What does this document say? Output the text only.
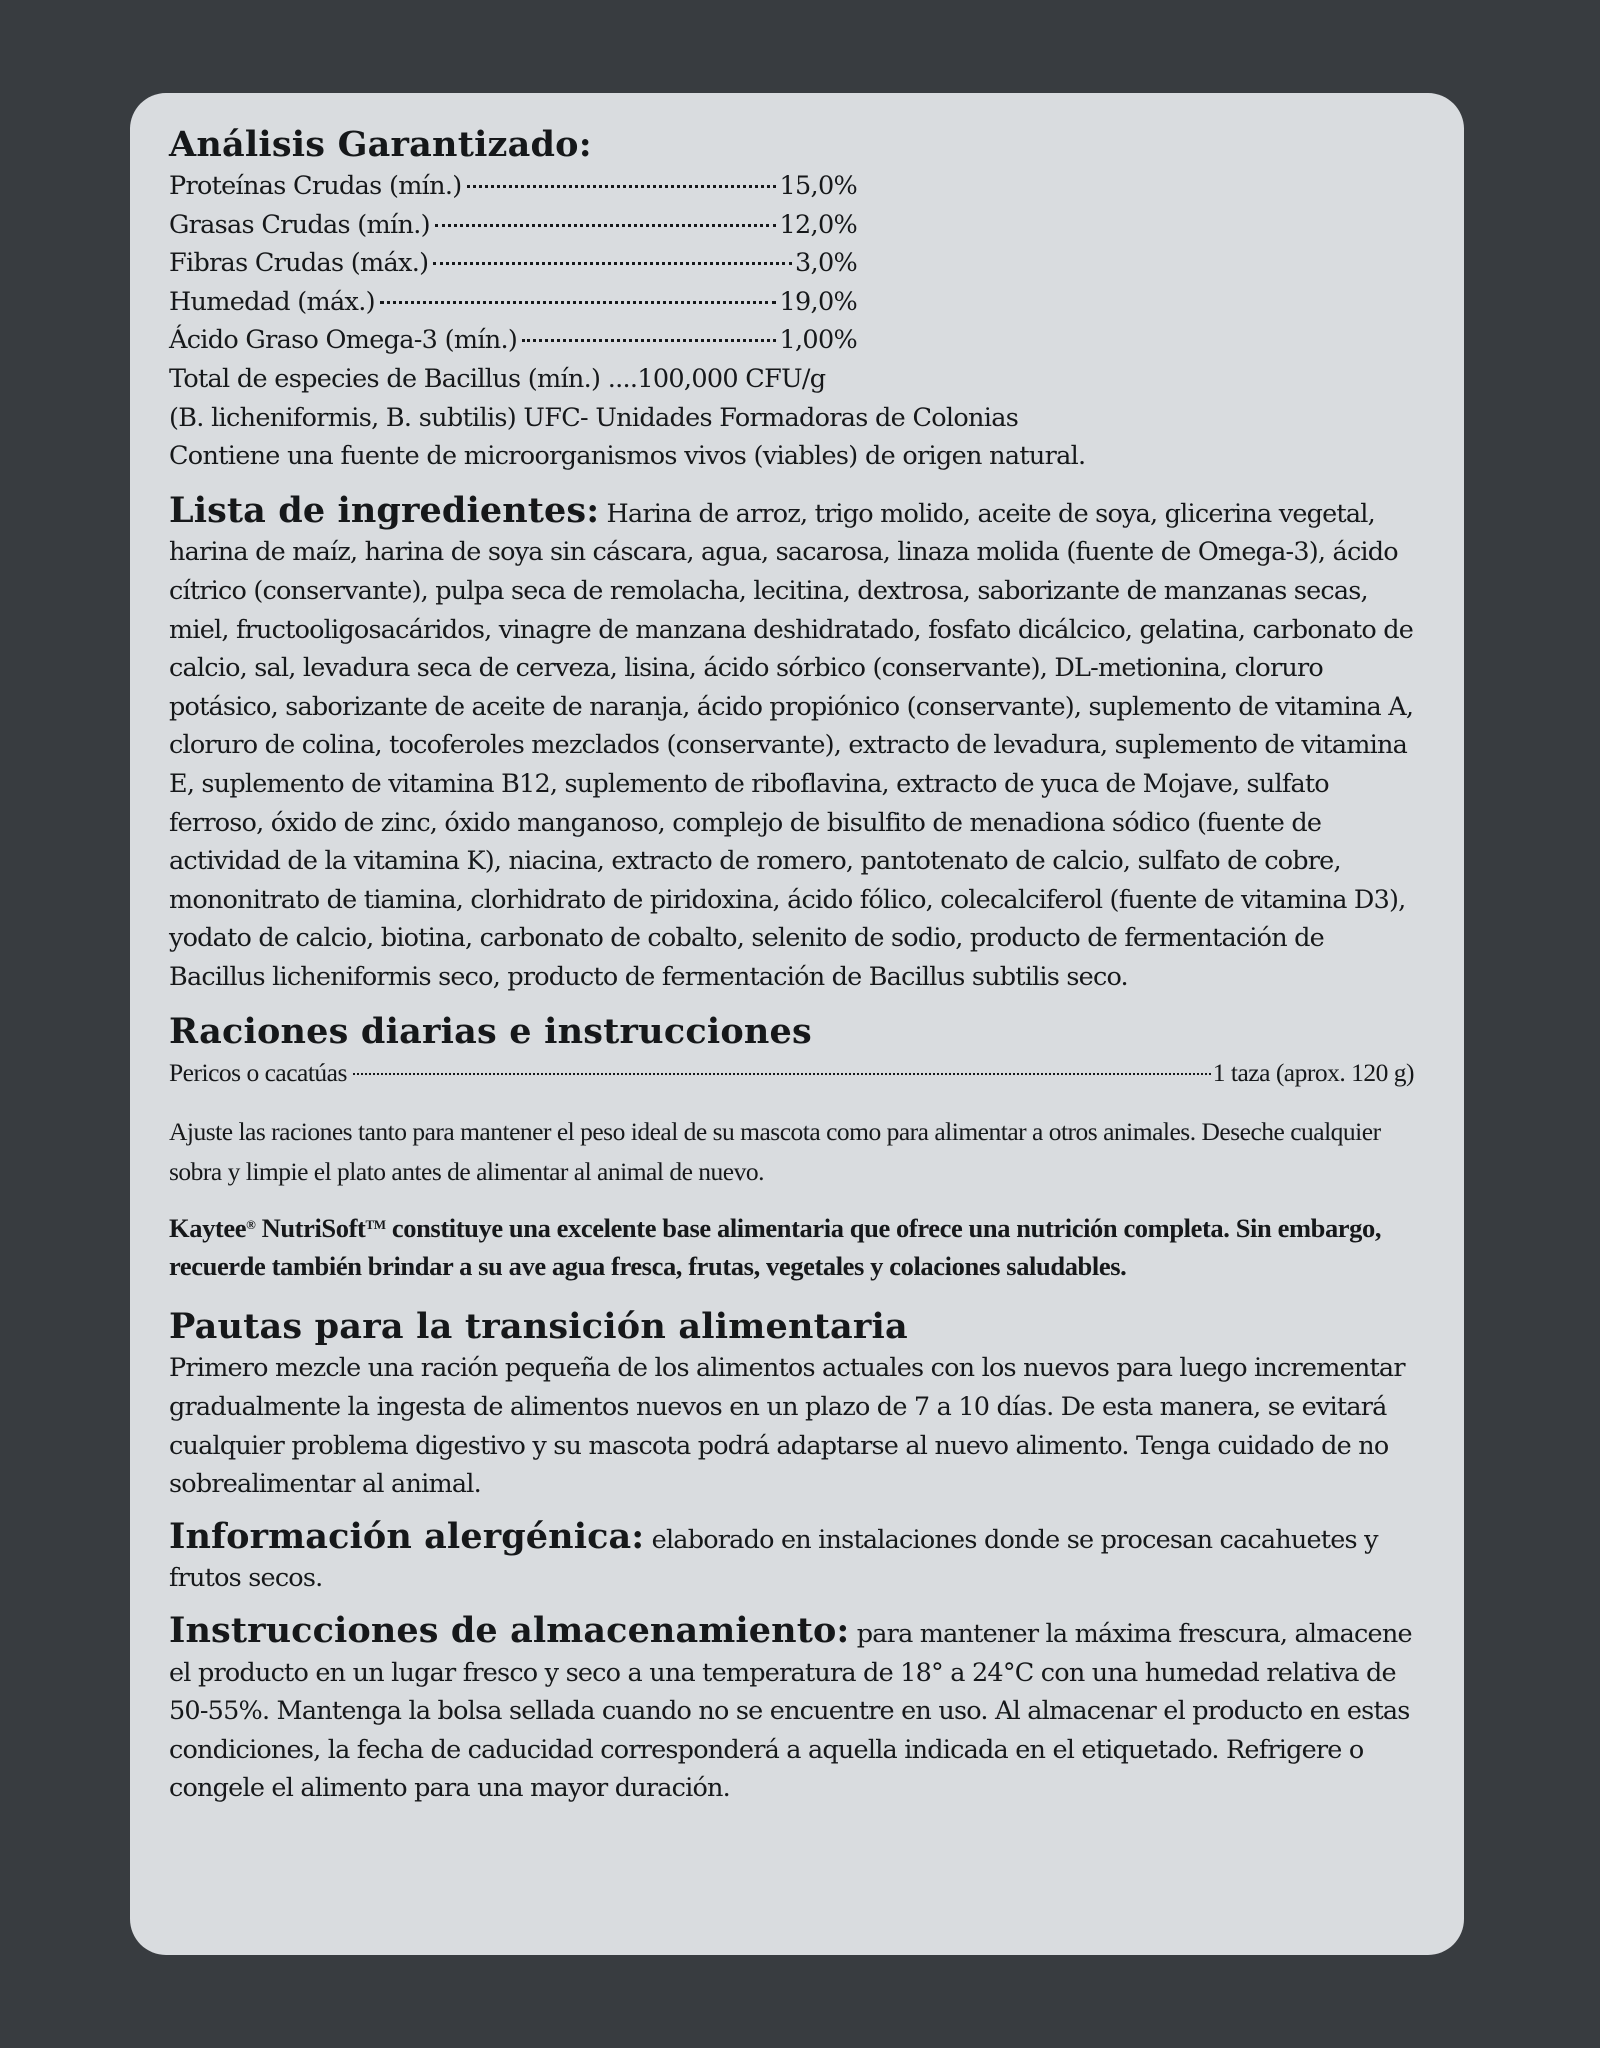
Análisis Garantizado:
Proteínas Crudas (mín.)	15,0%
Grasas Crudas (mín.)	12,0%
Fibras Crudas (máx.)	3,0%
Humedad (máx.)	19,0%
Ácido Graso Omega-3 (mín.)	1,00%

Total de especies de Bacillus (mín.) ....100,000 CFU/g

(B. licheniformis, B. subtilis) UFC- Unidades Formadoras de Colonias

Contiene una fuente de microorganismos vivos (viables) de origen natural.

Lista de ingredientes: Harina de arroz, trigo molido, aceite de soya, glicerina vegetal, harina de maíz, harina de soya sin cáscara, agua, sacarosa, linaza molida (fuente de Omega-3), ácido cítrico (conservante), pulpa seca de remolacha, lecitina, dextrosa, saborizante de manzanas secas, miel, fructooligosacáridos, vinagre de manzana deshidratado, fosfato dicálcico, gelatina, carbonato de calcio, sal, levadura seca de cerveza, lisina, ácido sórbico (conservante), DL-metionina, cloruro potásico, saborizante de aceite de naranja, ácido propiónico (conservante), suplemento de vitamina A, cloruro de colina, tocoferoles mezclados (conservante), extracto de levadura, suplemento de vitamina E, suplemento de vitamina B12, suplemento de riboflavina, extracto de yuca de Mojave, sulfato ferroso, óxido de zinc, óxido manganoso, complejo de bisulfito de menadiona sódico (fuente de actividad de la vitamina K), niacina, extracto de romero, pantotenato de calcio, sulfato de cobre, mononitrato de tiamina, clorhidrato de piridoxina, ácido fólico, colecalciferol (fuente de vitamina D3), yodato de calcio, biotina, carbonato de cobalto, selenito de sodio, producto de fermentación de Bacillus licheniformis seco, producto de fermentación de Bacillus subtilis seco.

Raciones diarias e instrucciones
Pericos o cacatúas	1 taza (aprox. 120 g)

Ajuste las raciones tanto para mantener el peso ideal de su mascota como para alimentar a otros animales. Deseche cualquier sobra y limpie el plato antes de alimentar al animal de nuevo.

Kaytee® NutriSoft™ constituye una excelente base alimentaria que ofrece una nutrición completa. Sin embargo, recuerde también brindar a su ave agua fresca, frutas, vegetales y colaciones saludables.

Pautas para la transición alimentaria

Primero mezcle una ración pequeña de los alimentos actuales con los nuevos para luego incrementar gradualmente la ingesta de alimentos nuevos en un plazo de 7 a 10 días. De esta manera, se evitará cualquier problema digestivo y su mascota podrá adaptarse al nuevo alimento. Tenga cuidado de no sobrealimentar al animal.

Información alergénica: elaborado en instalaciones donde se procesan cacahuetes y frutos secos.

Instrucciones de almacenamiento: para mantener la máxima frescura, almacene el producto en un lugar fresco y seco a una temperatura de 18° a 24°C con una humedad relativa de 50-55%. Mantenga la bolsa sellada cuando no se encuentre en uso. Al almacenar el producto en estas condiciones, la fecha de caducidad corresponderá a aquella indicada en el etiquetado. Refrigere o congele el alimento para una mayor duración.
